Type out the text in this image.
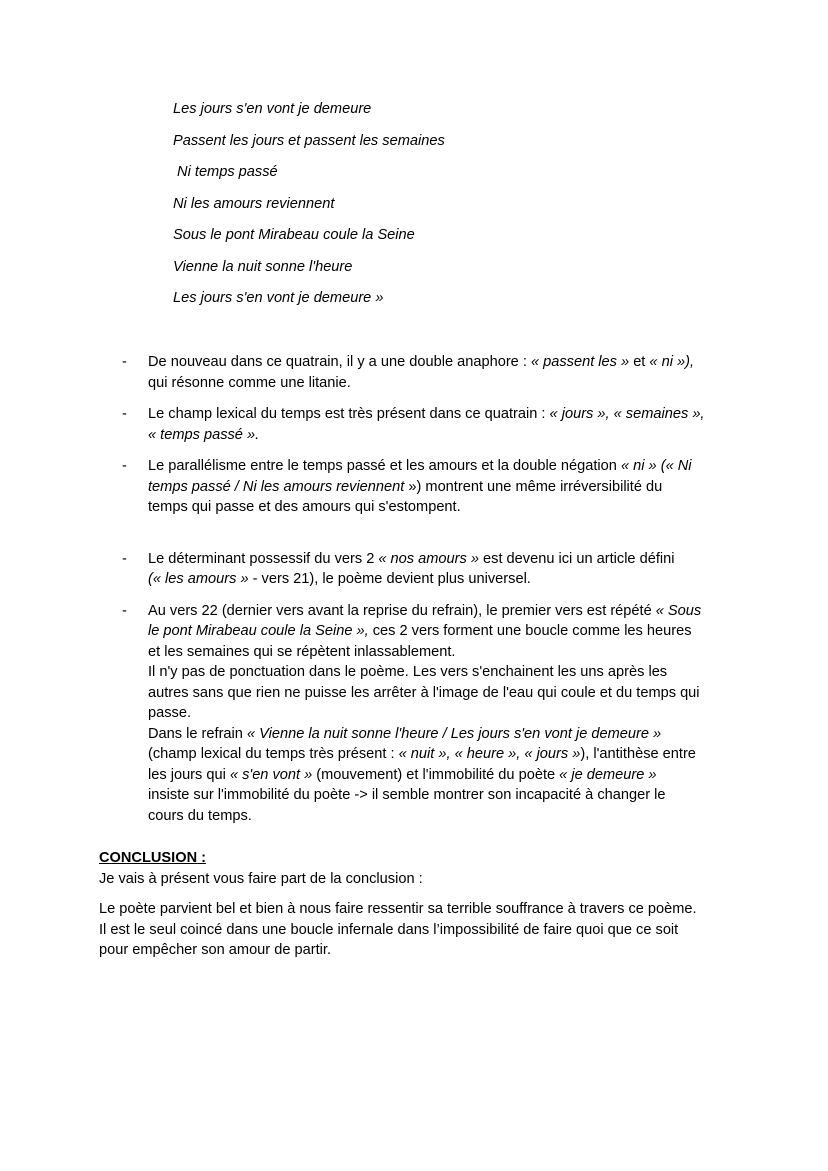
Les jours s'en vont je demeure
Passent les jours et passent les semaines
Ni temps passé
Ni les amours reviennent
Sous le pont Mirabeau coule la Seine
Vienne la nuit sonne l'heure
Les jours s'en vont je demeure »
- De nouveau dans ce quatrain, il y a une double anaphore : « passent les » et « ni »),
qui résonne comme une litanie.

- Le champ lexical du temps est très présent dans ce quatrain : « jours », « semaines »,
« temps passé ».

- Le parallélisme entre le temps passé et les amours et la double négation « ni » (« Ni
temps passé / Ni les amours reviennent ») montrent une même irréversibilité du
temps qui passe et des amours qui s'estompent.

- Le déterminant possessif du vers 2 « nos amours » est devenu ici un article défini
(« les amours » - vers 21), le poème devient plus universel.

- Au vers 22 (dernier vers avant la reprise du refrain), le premier vers est répété « Sous
le pont Mirabeau coule la Seine », ces 2 vers forment une boucle comme les heures
et les semaines qui se répètent inlassablement.
Il n'y pas de ponctuation dans le poème. Les vers s'enchainent les uns après les
autres sans que rien ne puisse les arrêter à l'image de l'eau qui coule et du temps qui
passe.
Dans le refrain « Vienne la nuit sonne l'heure / Les jours s'en vont je demeure »
(champ lexical du temps très présent : « nuit », « heure », « jours »), l'antithèse entre
les jours qui « s'en vont » (mouvement) et l'immobilité du poète « je demeure »
insiste sur l'immobilité du poète -> il semble montrer son incapacité à changer le
cours du temps.

CONCLUSION :

Je vais à présent vous faire part de la conclusion :

Le poète parvient bel et bien à nous faire ressentir sa terrible souffrance à travers ce poème.

Il est le seul coincé dans une boucle infernale dans l’impossibilité de faire quoi que ce soit

pour empêcher son amour de partir.
